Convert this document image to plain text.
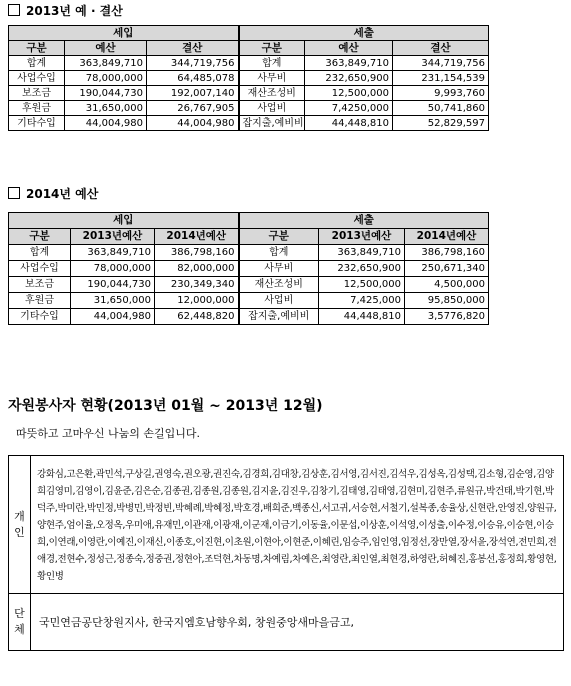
2013년 예 · 결산
세입			세출		
구분	예산	결산	구분	예산	결산
합계	363,849,710	344,719,756	합계	363,849,710	344,719,756
사업수입	78,000,000	64,485,078	사무비	232,650,900	231,154,539
보조금	190,044,730	192,007,140	재산조성비	12,500,000	9,993,760
후원금	31,650,000	26,767,905	사업비	7,4250,000	50,741,860
기타수입	44,004,980	44,004,980	잡지출,예비비	44,448,810	52,829,597
2014년 예산
세입			세출		
구분	2013년예산	2014년예산	구분	2013년예산	2014년예산
합계	363,849,710	386,798,160	합계	363,849,710	386,798,160
사업수입	78,000,000	82,000,000	사무비	232,650,900	250,671,340
보조금	190,044,730	230,349,340	재산조성비	12,500,000	4,500,000
후원금	31,650,000	12,000,000	사업비	7,425,000	95,850,000
기타수입	44,004,980	62,448,820	잡지출,예비비	44,448,810	3,5776,820
자원봉사자 현황(2013년 01월 ~ 2013년 12월)
따뜻하고 고마우신 나눔의 손길입니다.
개인	강화심,고은환,곽민석,구상길,권영숙,권오광,권진숙,김경희,김대창,김상훈,김서영,김서진,김석우,김성옥,김성택,김소형,김순영,김양희김영미,김영이,김윤준,김은순,김종권,김종원,김종원,김지윤,김진우,김창기,김태영,김태영,김현미,김현주,류원규,박건태,박기현,박덕주,박미란,박민정,박병민,박정빈,박혜례,박혜정,박호경,배희준,백종신,서고귀,서승현,서철기,설복종,송율상,신현란,안영진,양원규,양현주,엄이율,오정옥,우미애,유재민,이관재,이광재,이군재,이금기,이동율,이문섭,이상훈,이석영,이성출,이수정,이승유,이승현,이승희,이연래,이영란,이예진,이재신,이종호,이진현,이초원,이현아,이현준,이혜린,임승주,임인영,임정선,장만열,장서윤,장석연,전민희,전애경,전현수,정성근,정종숙,정중권,정현아,조덕현,차동명,차예림,차예은,최영란,최인열,최현경,하영란,허혜진,홍봉선,홍정희,황영현,황인병
단체	국민연금공단창원지사, 한국지엠호남향우회, 창원중앙새마을금고,
